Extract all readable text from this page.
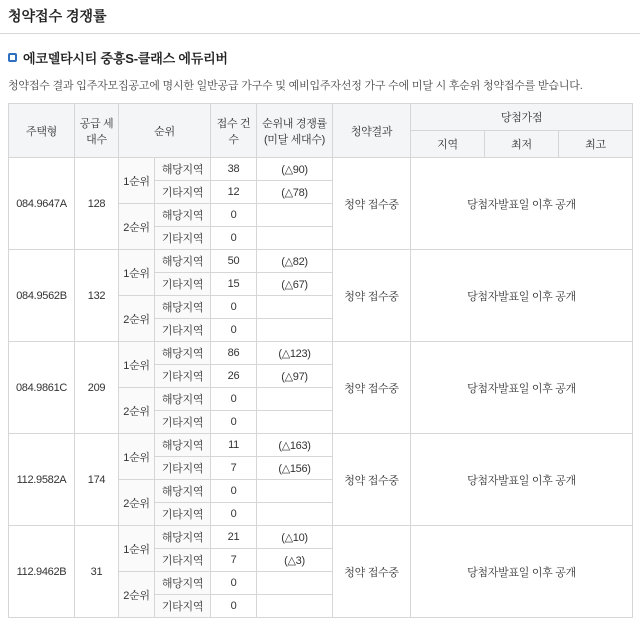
청약접수 경쟁률
에코델타시티 중흥S-클래스 에듀리버
청약접수 결과 입주자모집공고에 명시한 일반공급 가구수 및 예비입주자선정 가구 수에 미달 시 후순위 청약접수를 받습니다.
주택형	공급 세대수	순위		접수 건수	순위내 경쟁률 (미달 세대수)	청약결과	당첨가점		
							지역	최저	최고
084.9647A	128	1순위	해당지역	38	(△90)	청약 접수중	당첨자발표일 이후 공개		
			기타지역	12	(△78)				
		2순위	해당지역	0					
			기타지역	0					
084.9562B	132	1순위	해당지역	50	(△82)	청약 접수중	당첨자발표일 이후 공개		
			기타지역	15	(△67)				
		2순위	해당지역	0					
			기타지역	0					
084.9861C	209	1순위	해당지역	86	(△123)	청약 접수중	당첨자발표일 이후 공개		
			기타지역	26	(△97)				
		2순위	해당지역	0					
			기타지역	0					
112.9582A	174	1순위	해당지역	11	(△163)	청약 접수중	당첨자발표일 이후 공개		
			기타지역	7	(△156)				
		2순위	해당지역	0					
			기타지역	0					
112.9462B	31	1순위	해당지역	21	(△10)	청약 접수중	당첨자발표일 이후 공개		
			기타지역	7	(△3)				
		2순위	해당지역	0					
			기타지역	0					
